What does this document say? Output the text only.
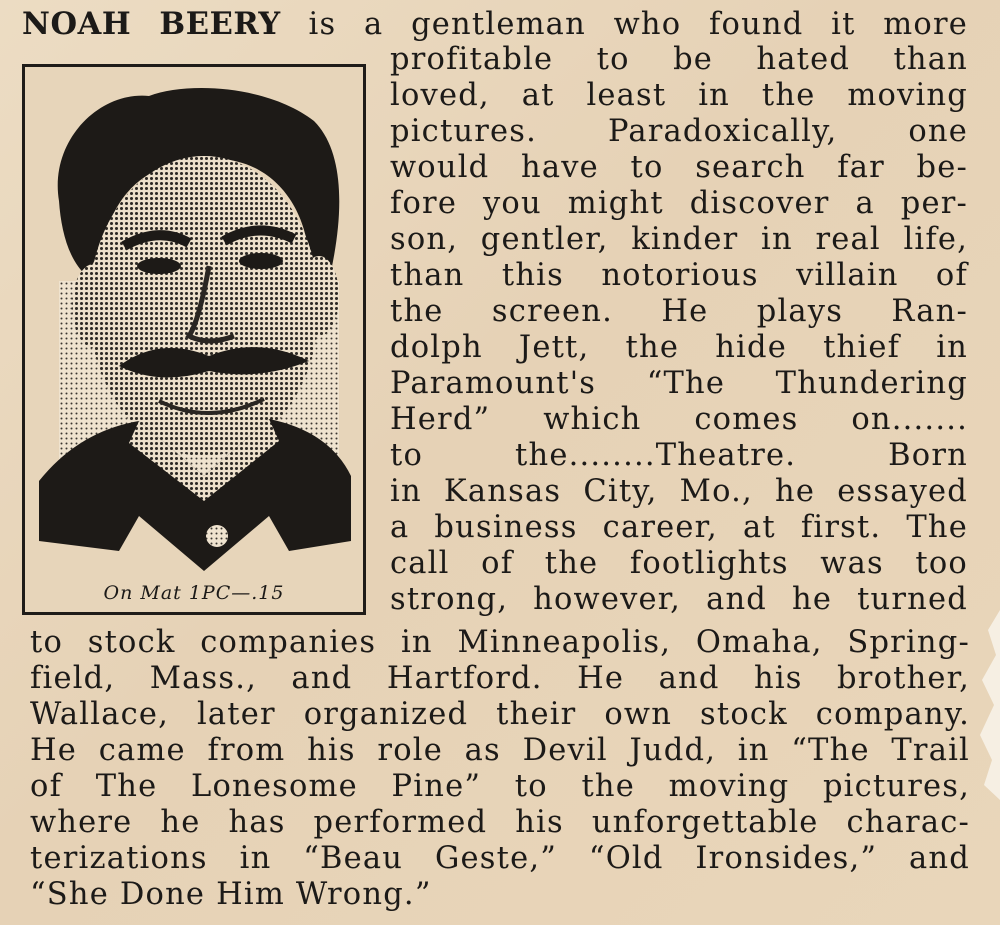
NOAH BEERY is a gentleman who found it more
On Mat 1PC—.15
profitable to be hated than
loved, at least in the moving
pictures. Paradoxically, one
would have to search far be-
fore you might discover a per-
son, gentler, kinder in real life,
than this notorious villain of
the screen. He plays Ran-
dolph Jett, the hide thief in
Paramount's “The Thundering
Herd” which comes on.......
to the........Theatre. Born
in Kansas City, Mo., he essayed
a business career, at first. The
call of the footlights was too
strong, however, and he turned
to stock companies in Minneapolis, Omaha, Spring-
field, Mass., and Hartford. He and his brother,
Wallace, later organized their own stock company.
He came from his role as Devil Judd, in “The Trail
of The Lonesome Pine” to the moving pictures,
where he has performed his unforgettable charac-
terizations in “Beau Geste,” “Old Ironsides,” and
“She Done Him Wrong.”
